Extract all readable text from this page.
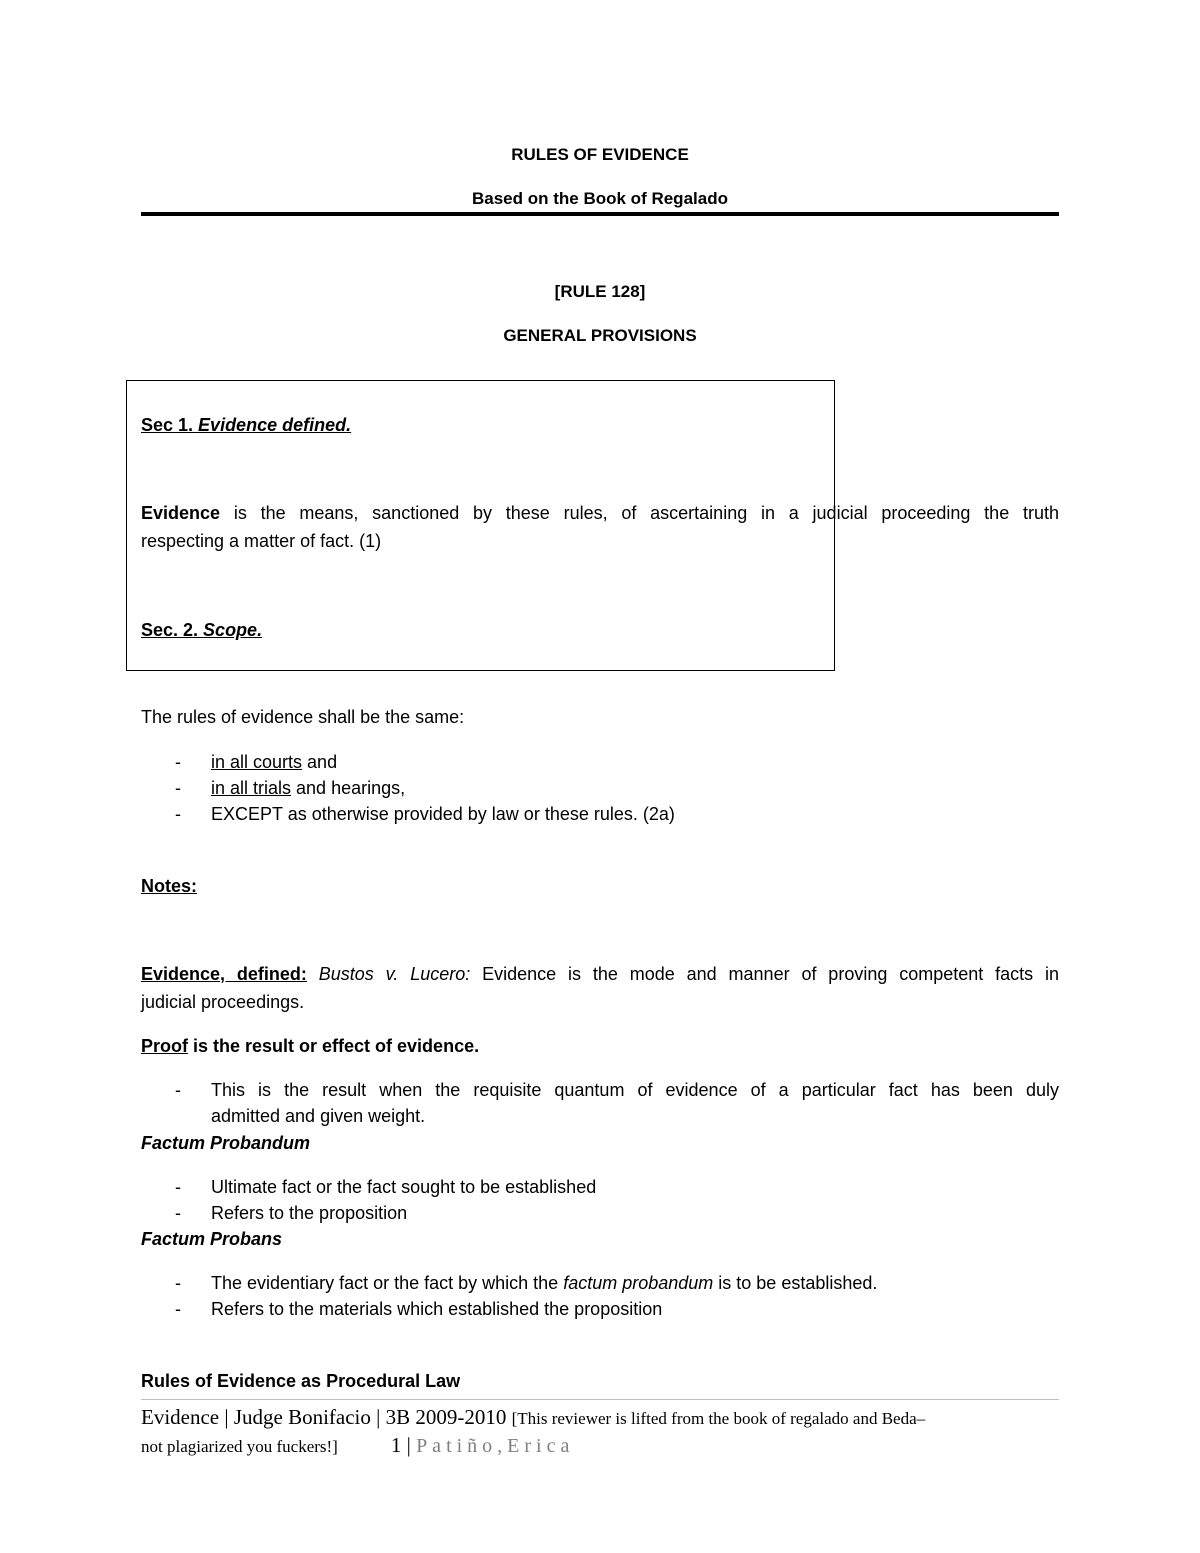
RULES OF EVIDENCE
Based on the Book of Regalado
[RULE 128]
GENERAL PROVISIONS
Sec 1. Evidence defined.
Evidence is the means, sanctioned by these rules, of ascertaining in a judicial proceeding the truth
respecting a matter of fact. (1)
Sec. 2. Scope.
The rules of evidence shall be the same:
- in all courts and
- in all trials and hearings,
- EXCEPT as otherwise provided by law or these rules. (2a)
Notes:
Evidence, defined: Bustos v. Lucero: Evidence is the mode and manner of proving competent facts in
judicial proceedings.
Proof is the result or effect of evidence.
- This is the result when the requisite quantum of evidence of a particular fact has been duly
admitted and given weight.
Factum Probandum
- Ultimate fact or the fact sought to be established
- Refers to the proposition
Factum Probans
- The evidentiary fact or the fact by which the factum probandum is to be established.
- Refers to the materials which established the proposition
Rules of Evidence as Procedural Law
Evidence | Judge Bonifacio | 3B 2009-2010 [This reviewer is lifted from the book of regalado and Beda–
not plagiarized you fuckers!]	1 | Patiño,Erica
